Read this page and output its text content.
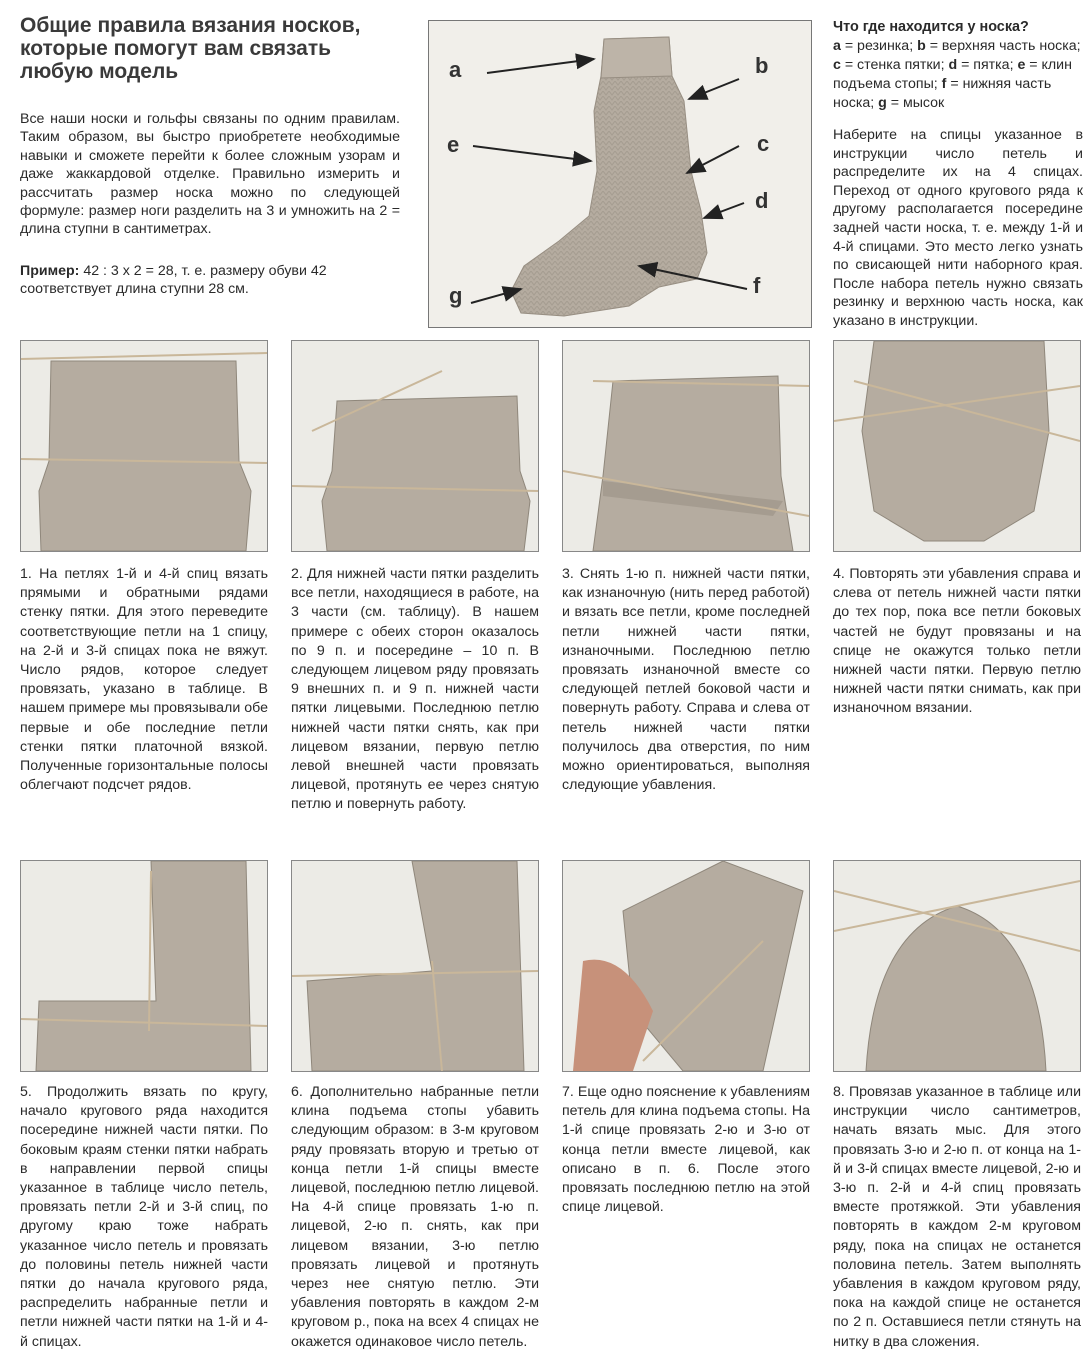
Общие правила вязания носков, которые помогут вам связать любую модель
Все наши носки и гольфы связаны по одним правилам. Таким образом, вы быстро приобретете необходимые навыки и сможете перейти к более сложным узорам и даже жаккардовой отделке. Правильно измерить и рассчитать размер носка можно по следующей формуле: размер ноги разделить на 3 и умножить на 2 = длина ступни в сантиметрах.
Пример: 42 : 3 x 2 = 28, т. е. размеру обуви 42 соответствует длина ступни 28 см.
a	b
c
d
e
f
g
Что где находится у носка?
a = резинка; b = верхняя часть носка; c = стенка пятки; d = пятка; e = клин подъема стопы; f = нижняя часть носка; g = мысок
Наберите на спицы указанное в инструкции число петель и распределите их на 4 спицах. Переход от одного кругового ряда к другому располагается посередине задней части носка, т. е. между 1-й и 4-й спицами. Это место легко узнать по свисающей нити наборного края. После набора петель нужно связать резинку и верхнюю часть носка, как указано в инструкции.
1. На петлях 1-й и 4-й спиц вязать прямыми и обратными рядами стенку пятки. Для этого переведите соответствующие петли на 1 спицу, на 2-й и 3-й спицах пока не вяжут. Число рядов, которое следует провязать, указано в таблице. В нашем примере мы провязывали обе первые и обе последние петли стенки пятки платочной вязкой. Полученные горизонтальные полосы облегчают подсчет рядов.
2. Для нижней части пятки разделить все петли, находящиеся в работе, на 3 части (см. таблицу). В нашем примере с обеих сторон оказалось по 9 п. и посередине – 10 п. В следующем лицевом ряду провязать 9 внешних п. и 9 п. нижней части пятки лицевыми. Последнюю петлю нижней части пятки снять, как при лицевом вязании, первую петлю левой внешней части провязать лицевой, протянуть ее через снятую петлю и повернуть работу.
3. Снять 1-ю п. нижней части пятки, как изнаночную (нить перед работой) и вязать все петли, кроме последней петли нижней части пятки, изнаночными. Последнюю петлю провязать изнаночной вместе со следующей петлей боковой части и повернуть работу. Справа и слева от петель нижней части пятки получилось два отверстия, по ним можно ориентироваться, выполняя следующие убавления.
4. Повторять эти убавления справа и слева от петель нижней части пятки до тех пор, пока все петли боковых частей не будут провязаны и на спице не окажутся только петли нижней части пятки. Первую петлю нижней части пятки снимать, как при изнаночном вязании.
5. Продолжить вязать по кругу, начало кругового ряда находится посередине нижней части пятки. По боковым краям стенки пятки набрать в направлении первой спицы указанное в таблице число петель, провязать петли 2-й и 3-й спиц, по другому краю тоже набрать указанное число петель и провязать до половины петель нижней части пятки до начала кругового ряда, распределить набранные петли и петли нижней части пятки на 1-й и 4-й спицах.
6. Дополнительно набранные петли клина подъема стопы убавить следующим образом: в 3-м круговом ряду провязать вторую и третью от конца петли 1-й спицы вместе лицевой, последнюю петлю лицевой. На 4-й спице провязать 1-ю п. лицевой, 2-ю п. снять, как при лицевом вязании, 3-ю петлю провязать лицевой и протянуть через нее снятую петлю. Эти убавления повторять в каждом 2-м круговом р., пока на всех 4 спицах не окажется одинаковое число петель.
7. Еще одно пояснение к убавлениям петель для клина подъема стопы. На 1-й спице провязать 2-ю и 3-ю от конца петли вместе лицевой, как описано в п. 6. После этого провязать последнюю петлю на этой спице лицевой.
8. Провязав указанное в таблице или инструкции число сантиметров, начать вязать мыс. Для этого провязать 3-ю и 2-ю п. от конца на 1-й и 3-й спицах вместе лицевой, 2-ю и 3-ю п. 2-й и 4-й спиц провязать вместе протяжкой. Эти убавления повторять в каждом 2-м круговом ряду, пока на спицах не останется половина петель. Затем выполнять убавления в каждом круговом ряду, пока на каждой спице не останется по 2 п. Оставшиеся петли стянуть на нитку в два сложения.
